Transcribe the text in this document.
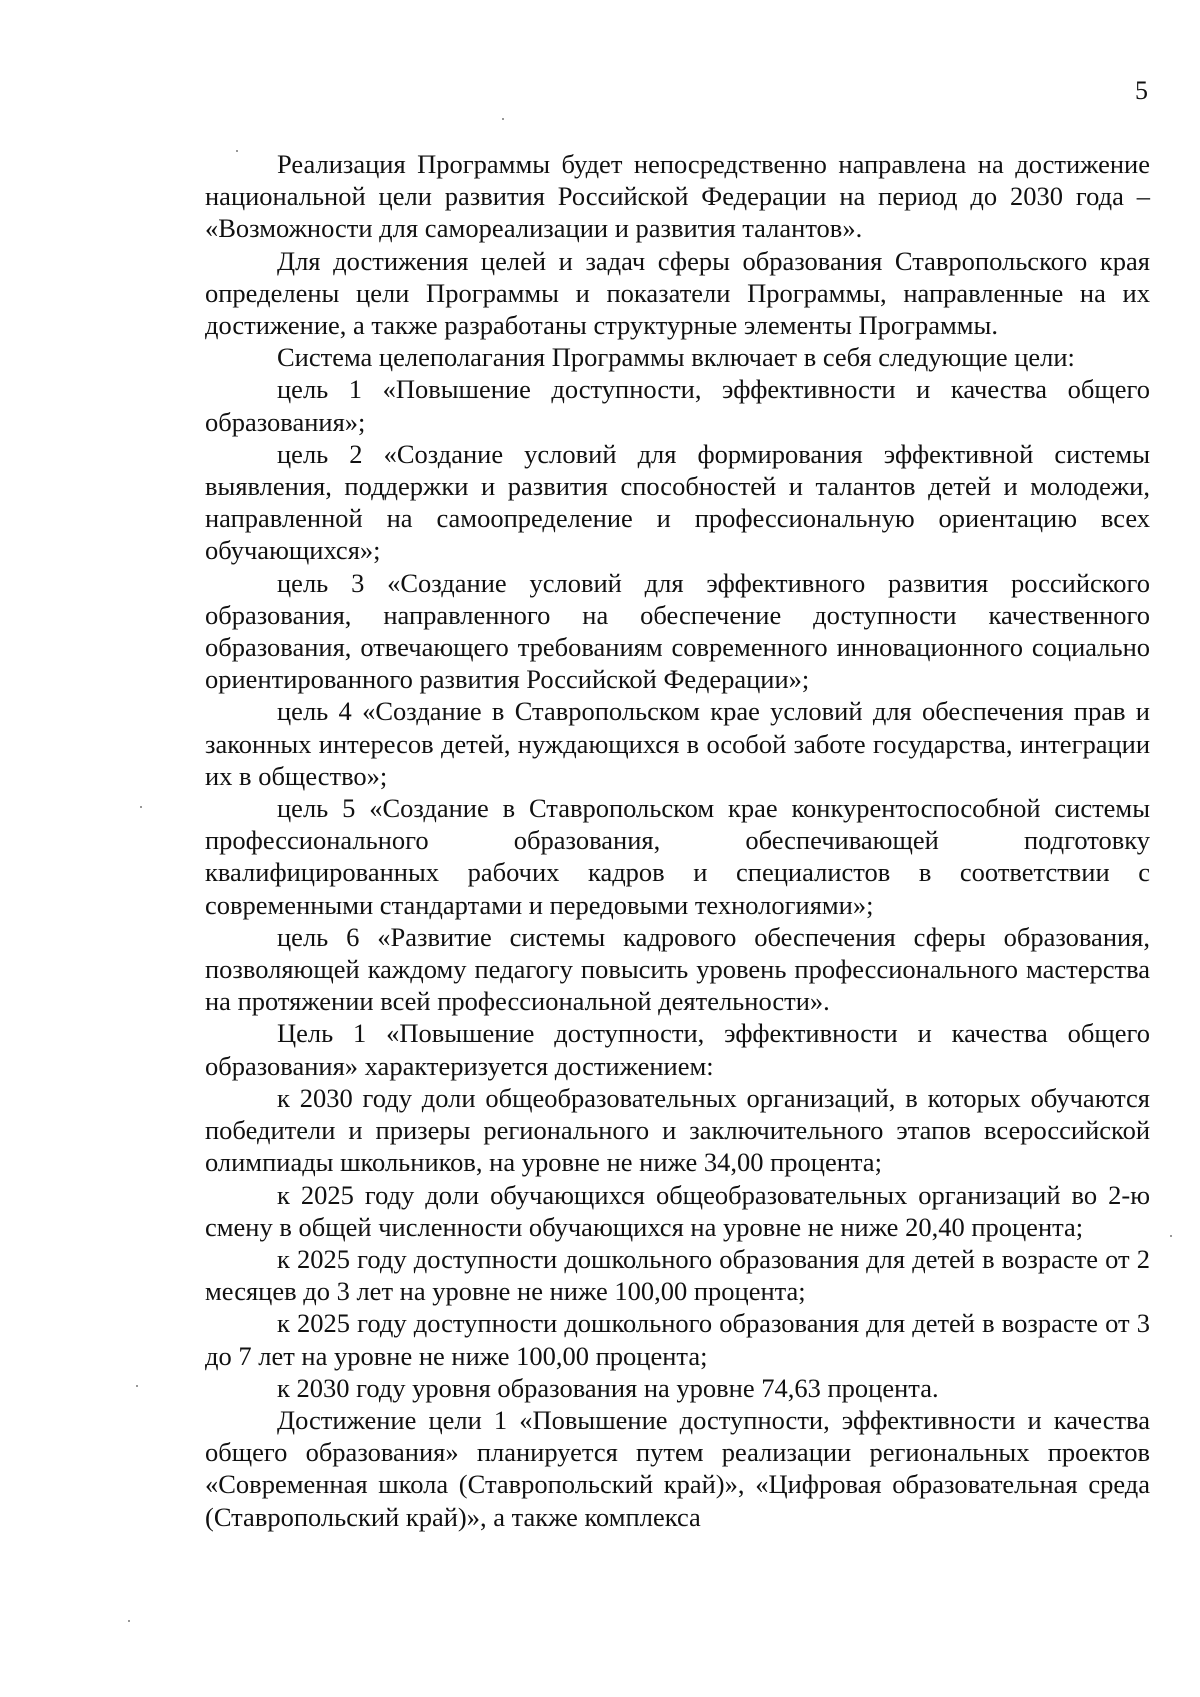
5

Реализация Программы будет непосредственно направлена на достижение национальной цели развития Российской Федерации на период до 2030 года – «Возможности для самореализации и развития талантов».

Для достижения целей и задач сферы образования Ставропольского края определены цели Программы и показатели Программы, направленные на их достижение, а также разработаны структурные элементы Программы.

Система целеполагания Программы включает в себя следующие цели:

цель 1 «Повышение доступности, эффективности и качества общего образования»;

цель 2 «Создание условий для формирования эффективной системы выявления, поддержки и развития способностей и талантов детей и молодежи, направленной на самоопределение и профессиональную ориентацию всех обучающихся»;

цель 3 «Создание условий для эффективного развития российского образования, направленного на обеспечение доступности качественного образования, отвечающего требованиям современного инновационного социально ориентированного развития Российской Федерации»;

цель 4 «Создание в Ставропольском крае условий для обеспечения прав и законных интересов детей, нуждающихся в особой заботе государства, интеграции их в общество»;

цель 5 «Создание в Ставропольском крае конкурентоспособной системы профессионального образования, обеспечивающей подготовку квалифицированных рабочих кадров и специалистов в соответствии с современными стандартами и передовыми технологиями»;

цель 6 «Развитие системы кадрового обеспечения сферы образования, позволяющей каждому педагогу повысить уровень профессионального мастерства на протяжении всей профессиональной деятельности».

Цель 1 «Повышение доступности, эффективности и качества общего образования» характеризуется достижением:

к 2030 году доли общеобразовательных организаций, в которых обучаются победители и призеры регионального и заключительного этапов всероссийской олимпиады школьников, на уровне не ниже 34,00 процента;

к 2025 году доли обучающихся общеобразовательных организаций во 2-ю смену в общей численности обучающихся на уровне не ниже 20,40 процента;

к 2025 году доступности дошкольного образования для детей в возрасте от 2 месяцев до 3 лет на уровне не ниже 100,00 процента;

к 2025 году доступности дошкольного образования для детей в возрасте от 3 до 7 лет на уровне не ниже 100,00 процента;

к 2030 году уровня образования на уровне 74,63 процента.

Достижение цели 1 «Повышение доступности, эффективности и качества общего образования» планируется путем реализации региональных проектов «Современная школа (Ставропольский край)», «Цифровая образовательная среда (Ставропольский край)», а также комплекса
